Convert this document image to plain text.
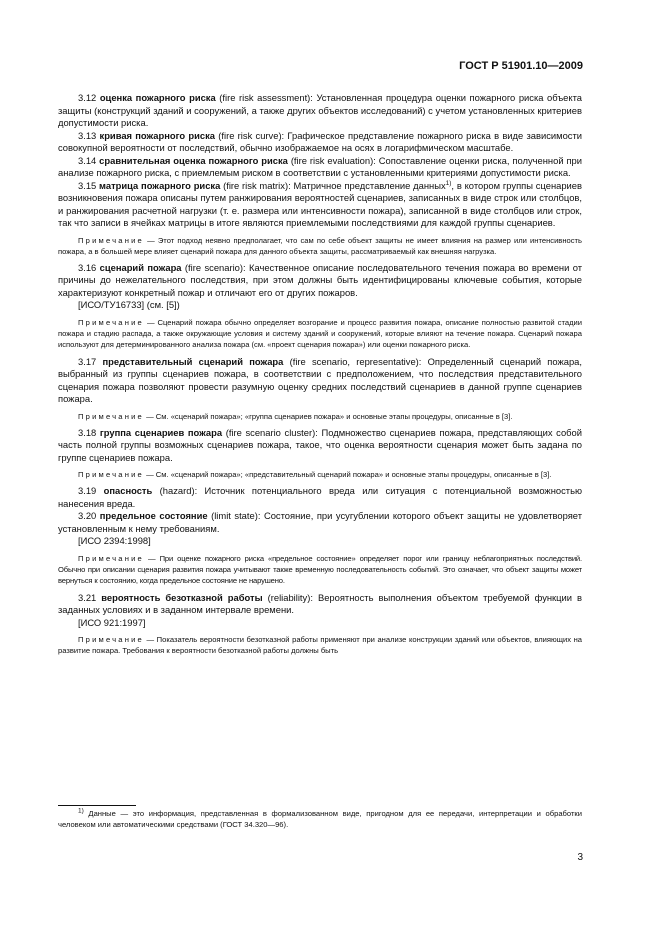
ГОСТ Р 51901.10—2009

3.12 оценка пожарного риска (fire risk assessment): Установленная процедура оценки пожарного риска объекта защиты (конструкций зданий и сооружений, а также других объектов исследований) с учетом установленных критериев допустимости риска.

3.13 кривая пожарного риска (fire risk curve): Графическое представление пожарного риска в виде зависимости совокупной вероятности от последствий, обычно изображаемое на осях в логарифмическом масштабе.

3.14 сравнительная оценка пожарного риска (fire risk evaluation): Сопоставление оценки риска, полученной при анализе пожарного риска, с приемлемым риском в соответствии с установленными критериями допустимости риска.

3.15 матрица пожарного риска (fire risk matrix): Матричное представление данных$^{1)}$, в котором группы сценариев возникновения пожара описаны путем ранжирования вероятностей сценариев, записанных в виде строк или столбцов, и ранжирования расчетной нагрузки (т. е. размера или интенсивности пожара), записанной в виде столбцов или строк, так что записи в ячейках матрицы в итоге являются приемлемыми последствиями для каждой группы сценариев.

Примечание — Этот подход неявно предполагает, что сам по себе объект защиты не имеет влияния на размер или интенсивность пожара, а в большей мере влияет сценарий пожара для данного объекта защиты, рассматриваемый как внешняя нагрузка.

3.16 сценарий пожара (fire scenario): Качественное описание последовательного течения пожара во времени от причины до нежелательного последствия, при этом должны быть идентифицированы ключевые события, которые характеризуют конкретный пожар и отличают его от других пожаров.

[ИСО/ТУ16733] (см. [5])

Примечание — Сценарий пожара обычно определяет возгорание и процесс развития пожара, описание полностью развитой стадии пожара и стадию распада, а также окружающие условия и систему зданий и сооружений, которые влияют на течение пожара. Сценарий пожара используют для детерминированного анализа пожара (см. «проект сценария пожара») или оценки пожарного риска.

3.17 представительный сценарий пожара (fire scenario, representative): Определенный сценарий пожара, выбранный из группы сценариев пожара, в соответствии с предположением, что последствия представительного сценария пожара позволяют провести разумную оценку средних последствий сценариев в данной группе сценариев пожара.

Примечание — См. «сценарий пожара»; «группа сценариев пожара» и основные этапы процедуры, описанные в [3].

3.18 группа сценариев пожара (fire scenario cluster): Подмножество сценариев пожара, представляющих собой часть полной группы возможных сценариев пожара, такое, что оценка вероятности сценария может быть задана по группе сценариев пожара.

Примечание — См. «сценарий пожара»; «представительный сценарий пожара» и основные этапы процедуры, описанные в [3].

3.19 опасность (hazard): Источник потенциального вреда или ситуация с потенциальной возможностью нанесения вреда.

3.20 предельное состояние (limit state): Состояние, при усугублении которого объект защиты не удовлетворяет установленным к нему требованиям.

[ИСО 2394:1998]

Примечание — При оценке пожарного риска «предельное состояние» определяет порог или границу неблагоприятных последствий. Обычно при описании сценария развития пожара учитывают также временную последовательность событий. Это означает, что объект защиты может вернуться к состоянию, когда предельное состояние не нарушено.

3.21 вероятность безотказной работы (reliability): Вероятность выполнения объектом требуемой функции в заданных условиях и в заданном интервале времени.

[ИСО 921:1997]

Примечание — Показатель вероятности безотказной работы применяют при анализе конструкции зданий или объектов, влияющих на развитие пожара. Требования к вероятности безотказной работы должны быть

$^{1)}$ Данные — это информация, представленная в формализованном виде, пригодном для ее передачи, интерпретации и обработки человеком или автоматическими средствами (ГОСТ 34.320—96).
3
